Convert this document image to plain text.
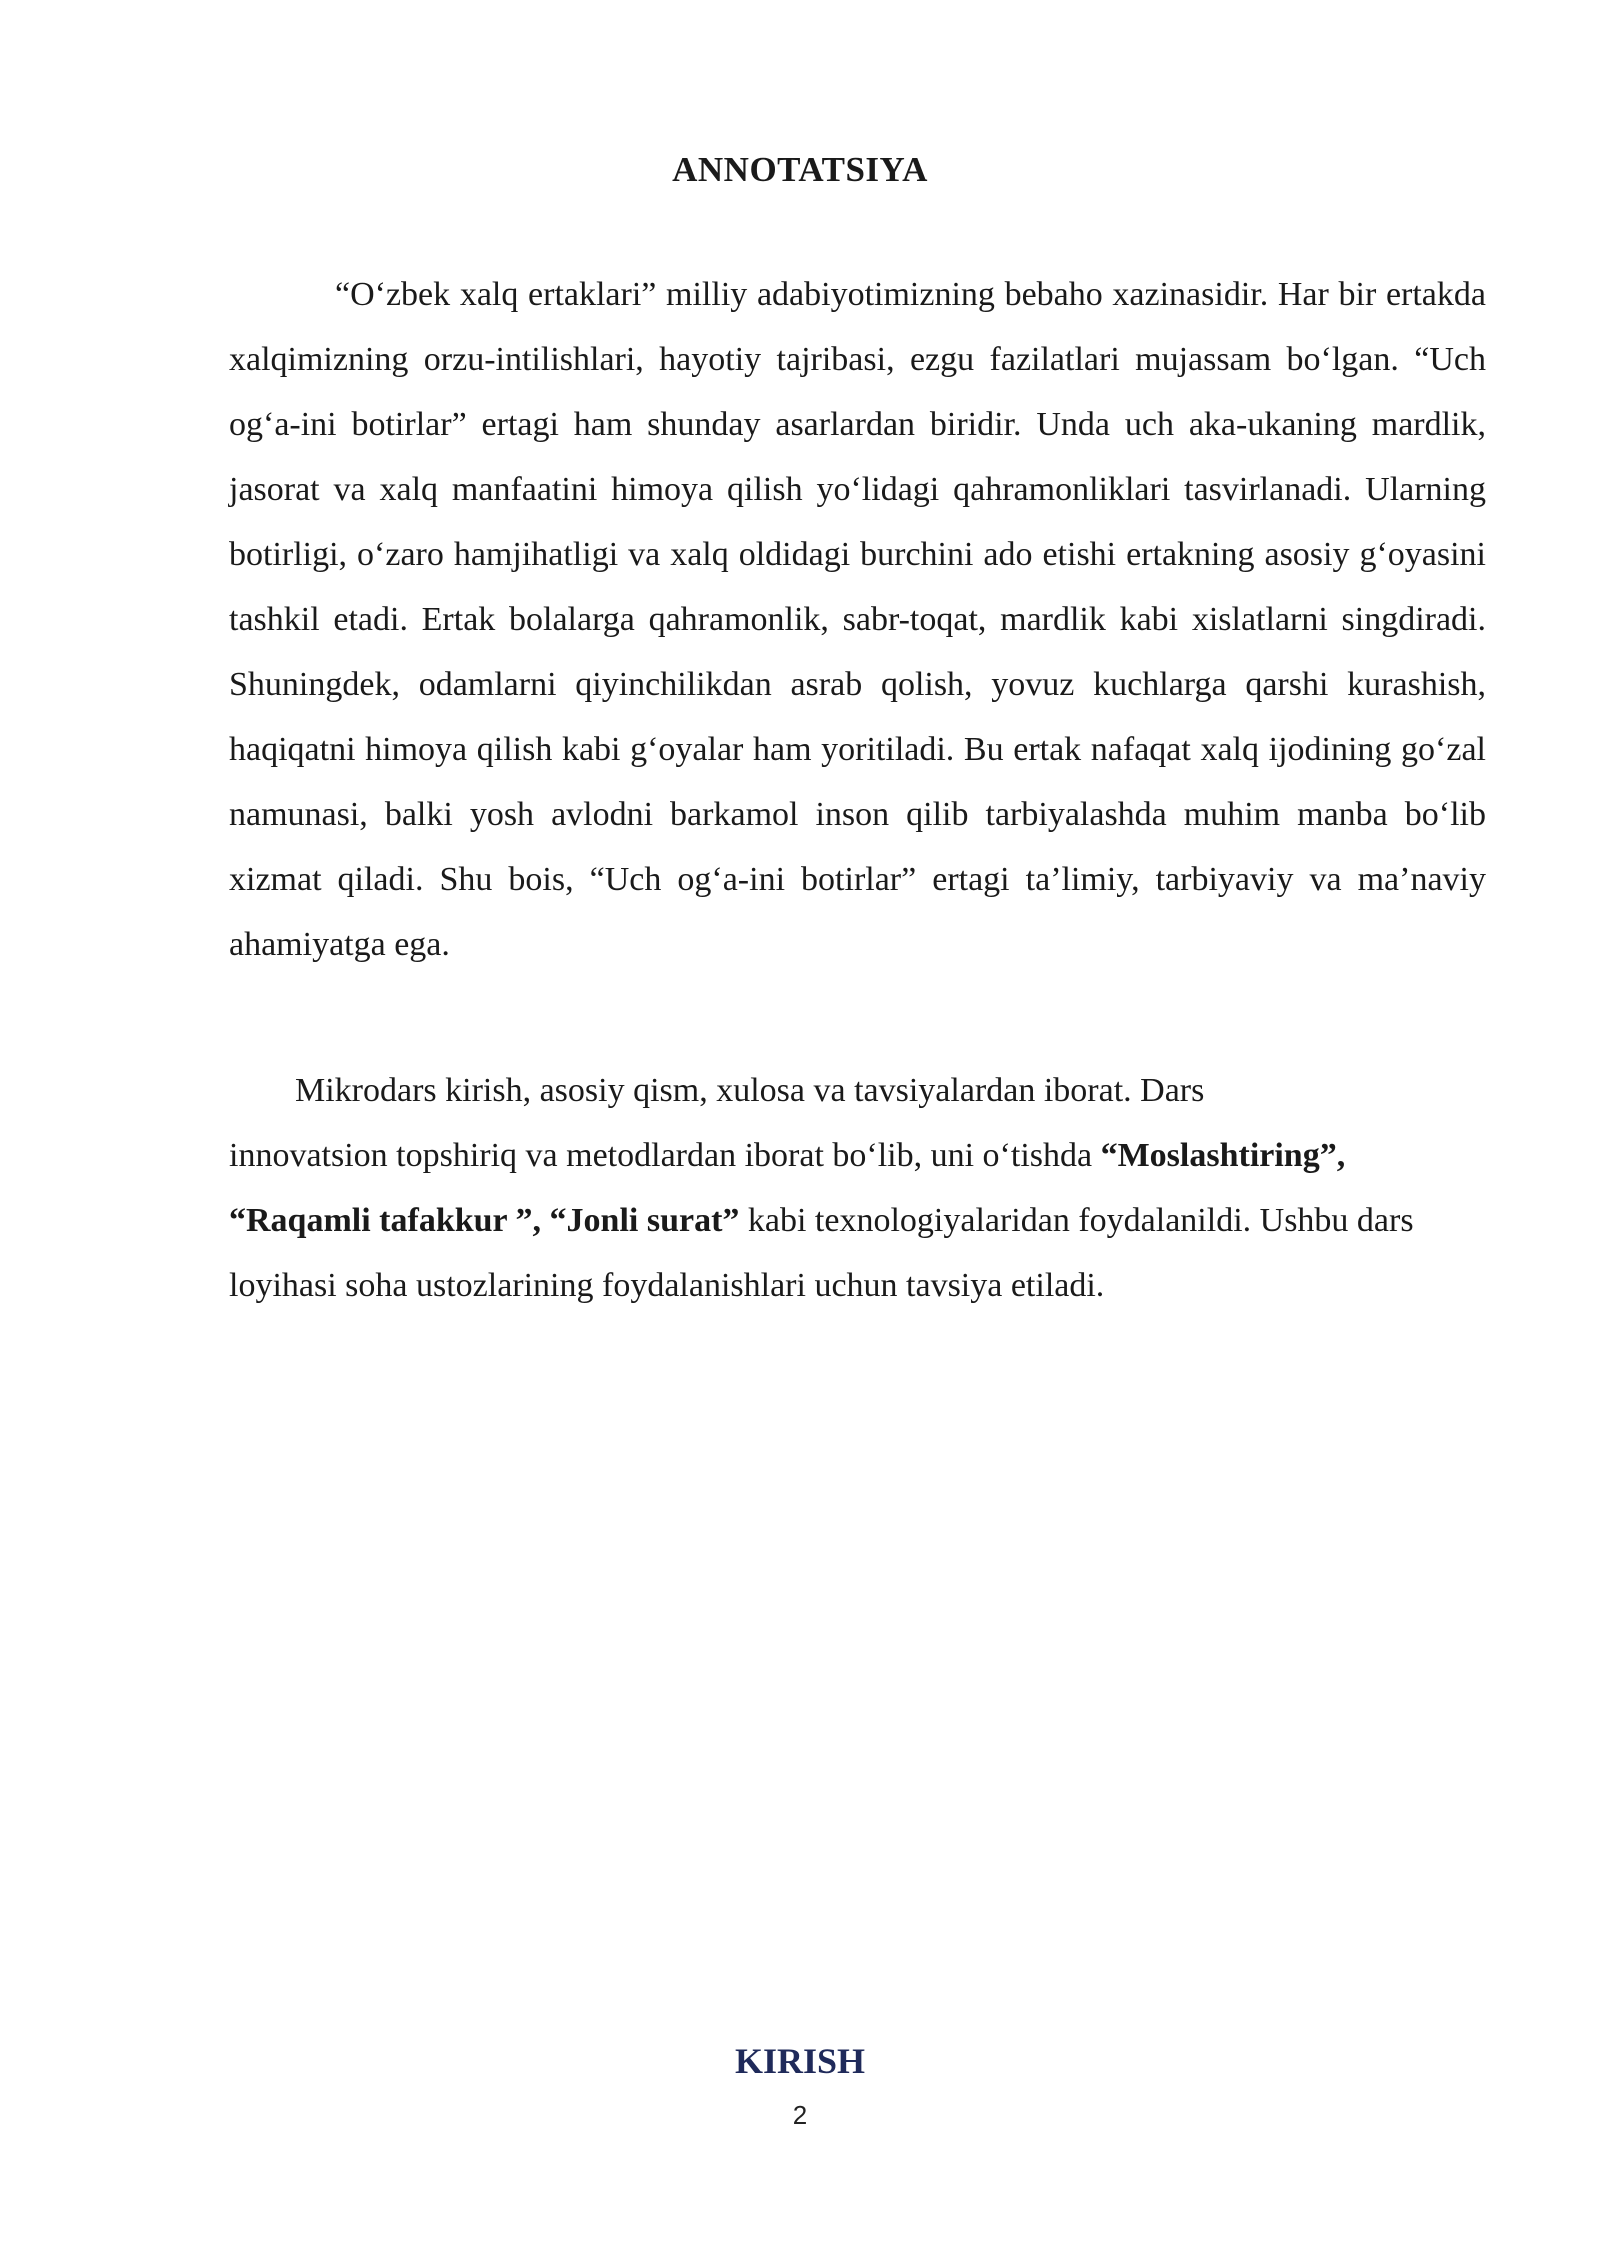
ANNOTATSIYA

“O‘zbek xalq ertaklari” milliy adabiyotimizning bebaho xazinasidir. Har bir ertakda xalqimizning orzu-intilishlari, hayotiy tajribasi, ezgu fazilatlari mujassam bo‘lgan. “Uch og‘a-ini botirlar” ertagi ham shunday asarlardan biridir. Unda uch aka-ukaning mardlik, jasorat va xalq manfaatini himoya qilish yo‘lidagi qahramonliklari tasvirlanadi. Ularning botirligi, o‘zaro hamjihatligi va xalq oldidagi burchini ado etishi ertakning asosiy g‘oyasini tashkil etadi. Ertak bolalarga qahramonlik, sabr-toqat, mardlik kabi xislatlarni singdiradi. Shuningdek, odamlarni qiyinchilikdan asrab qolish, yovuz kuchlarga qarshi kurashish, haqiqatni himoya qilish kabi g‘oyalar ham yoritiladi. Bu ertak nafaqat xalq ijodining go‘zal namunasi, balki yosh avlodni barkamol inson qilib tarbiyalashda muhim manba bo‘lib xizmat qiladi. Shu bois, “Uch og‘a-ini botirlar” ertagi ta’limiy, tarbiyaviy va ma’naviy ahamiyatga ega.

Mikrodars kirish, asosiy qism, xulosa va tavsiyalardan iborat. Dars
innovatsion topshiriq va metodlardan iborat bo‘lib, uni o‘tishda “Moslashtiring”, “Raqamli tafakkur ”, “Jonli surat” kabi texnologiyalaridan foydalanildi. Ushbu dars loyihasi soha ustozlarining foydalanishlari uchun tavsiya etiladi.

KIRISH
2
